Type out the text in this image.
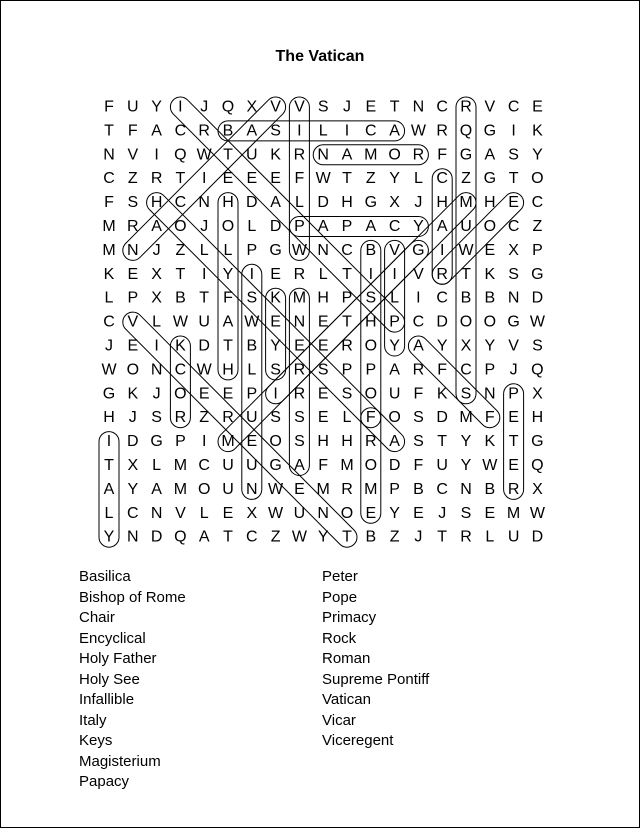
The Vatican
F U Y I J Q X V V S J E T N C R V C E
T F A C R B A S I L I C A W R Q G I K
N V I Q W T U K R N A M O R F G A S Y
C Z R T I E E E F W T Z Y L C Z G T O
F S H C N H D A L D H G X J H M H E C
M R A O J O L D P A P A C Y A U O C Z
M N J Z L L P G W N C B V G I W E X P
K E X T I Y I E R L T I I V R T K S G
L P X B T F S K M H P S L I C B B N D
C V L W U A W E N E T H P C D O O G W
J E I K D T B Y E E R O Y A Y X Y V S
W O N C W H L S R S P P A R F C P J Q
G K J O E E P I R E S O U F K S N P X
H J S R Z R U S S E L F O S D M F E H
I D G P I M E O S H H R A S T Y K T G
T X L M C U U G A F M O D F U Y W E Q
A Y A M O U N W E M R M P B C N B R X
L C N V L E X W U N O E Y E J S E M W
Y N D Q A T C Z W Y T B Z J T R L U D
Basilica
Bishop of Rome
Chair
Encyclical
Holy Father
Holy See
Infallible
Italy
Keys
Magisterium
Papacy
Peter
Pope
Primacy
Rock
Roman
Supreme Pontiff
Vatican
Vicar
Viceregent
